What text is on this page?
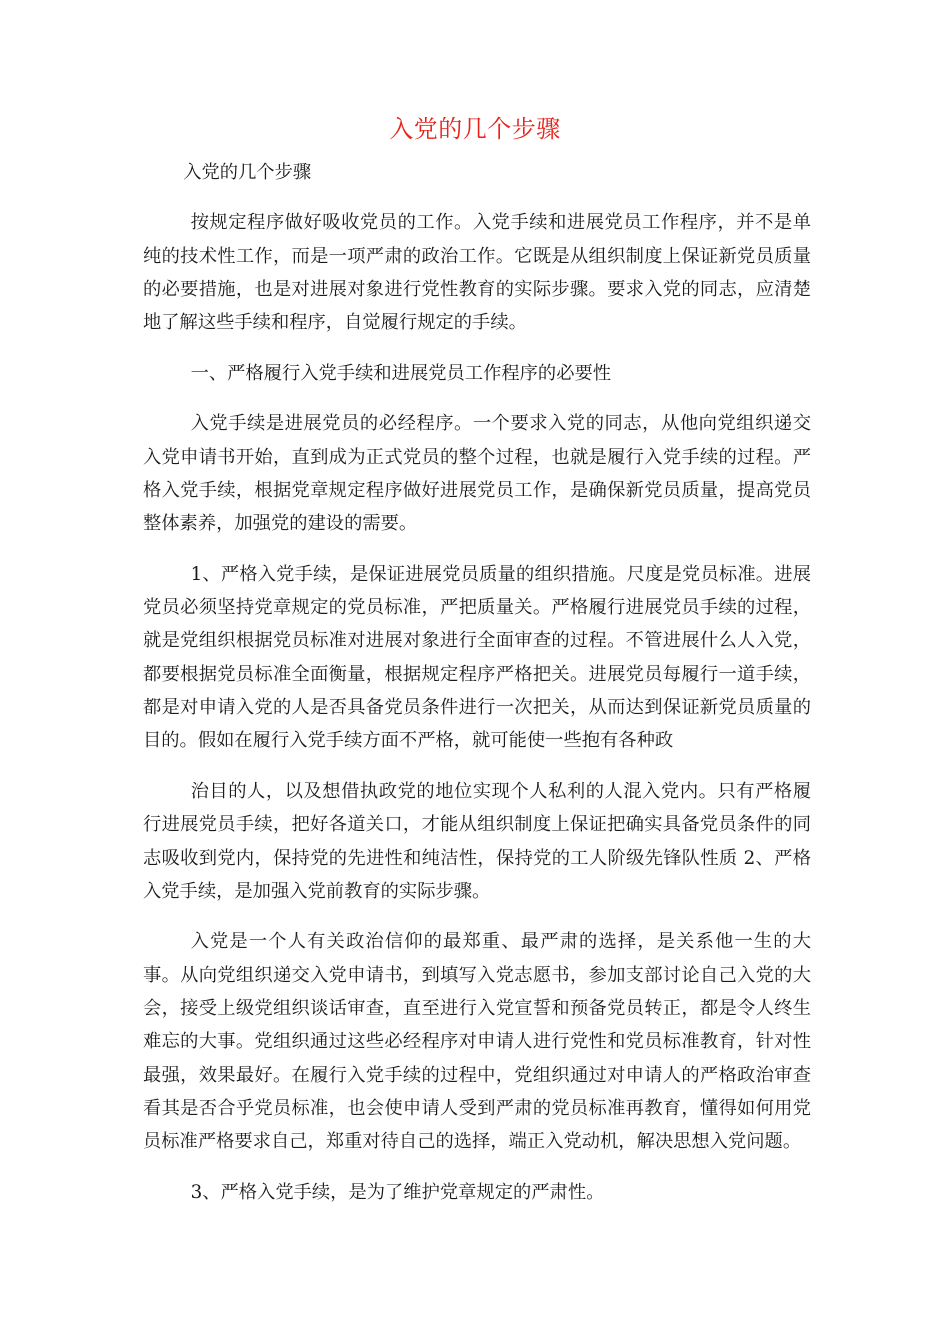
入党的几个步骤

入党的几个步骤

按规定程序做好吸收党员的工作。入党手续和进展党员工作程序，并不是单纯的技术性工作，而是一项严肃的政治工作。它既是从组织制度上保证新党员质量的必要措施，也是对进展对象进行党性教育的实际步骤。要求入党的同志，应清楚地了解这些手续和程序，自觉履行规定的手续。

一、严格履行入党手续和进展党员工作程序的必要性

入党手续是进展党员的必经程序。一个要求入党的同志，从他向党组织递交入党申请书开始，直到成为正式党员的整个过程，也就是履行入党手续的过程。严格入党手续，根据党章规定程序做好进展党员工作，是确保新党员质量，提高党员整体素养，加强党的建设的需要。

1、严格入党手续，是保证进展党员质量的组织措施。尺度是党员标准。进展党员必须坚持党章规定的党员标准，严把质量关。严格履行进展党员手续的过程，就是党组织根据党员标准对进展对象进行全面审查的过程。不管进展什么人入党，都要根据党员标准全面衡量，根据规定程序严格把关。进展党员每履行一道手续，都是对申请入党的人是否具备党员条件进行一次把关，从而达到保证新党员质量的目的。假如在履行入党手续方面不严格，就可能使一些抱有各种政

治目的人，以及想借执政党的地位实现个人私利的人混入党内。只有严格履行进展党员手续，把好各道关口，才能从组织制度上保证把确实具备党员条件的同志吸收到党内，保持党的先进性和纯洁性，保持党的工人阶级先锋队性质 2、严格入党手续，是加强入党前教育的实际步骤。

入党是一个人有关政治信仰的最郑重、最严肃的选择，是关系他一生的大事。从向党组织递交入党申请书，到填写入党志愿书，参加支部讨论自己入党的大会，接受上级党组织谈话审查，直至进行入党宣誓和预备党员转正，都是令人终生难忘的大事。党组织通过这些必经程序对申请人进行党性和党员标准教育，针对性最强，效果最好。在履行入党手续的过程中，党组织通过对申请人的严格政治审查看其是否合乎党员标准，也会使申请人受到严肃的党员标准再教育，懂得如何用党员标准严格要求自己，郑重对待自己的选择，端正入党动机，解决思想入党问题。

3、严格入党手续，是为了维护党章规定的严肃性。
